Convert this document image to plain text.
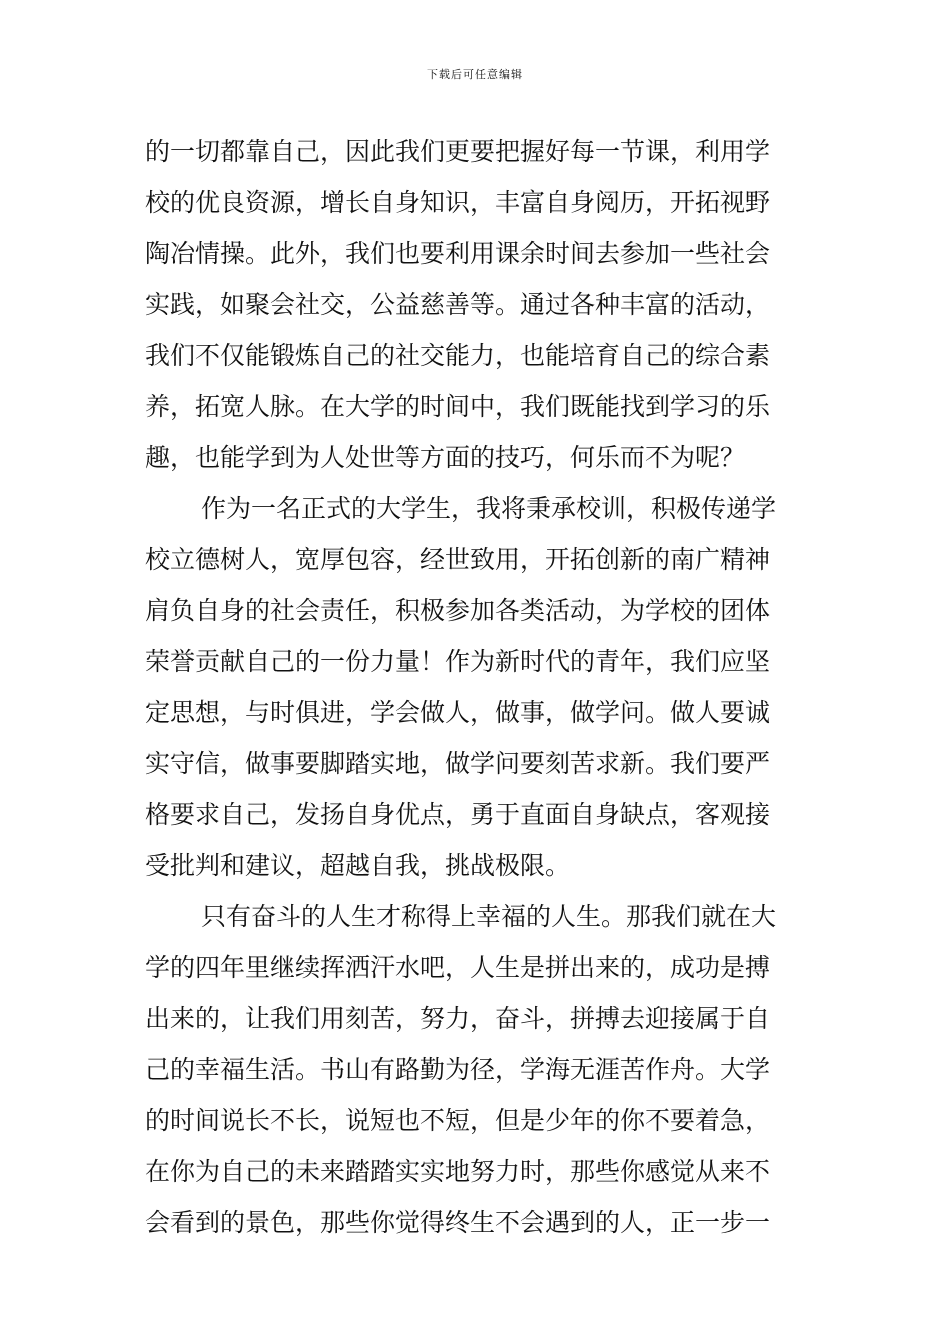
下载后可任意编辑
的一切都靠自己，因此我们更要把握好每一节课，利用学
校的优良资源，增长自身知识，丰富自身阅历，开拓视野
陶冶情操。此外，我们也要利用课余时间去参加一些社会
实践，如聚会社交，公益慈善等。通过各种丰富的活动，
我们不仅能锻炼自己的社交能力，也能培育自己的综合素
养，拓宽人脉。在大学的时间中，我们既能找到学习的乐
趣，也能学到为人处世等方面的技巧，何乐而不为呢？
作为一名正式的大学生，我将秉承校训，积极传递学
校立德树人，宽厚包容，经世致用，开拓创新的南广精神
肩负自身的社会责任，积极参加各类活动，为学校的团体
荣誉贡献自己的一份力量！作为新时代的青年，我们应坚
定思想，与时俱进，学会做人，做事，做学问。做人要诚
实守信，做事要脚踏实地，做学问要刻苦求新。我们要严
格要求自己，发扬自身优点，勇于直面自身缺点，客观接
受批判和建议，超越自我，挑战极限。
只有奋斗的人生才称得上幸福的人生。那我们就在大
学的四年里继续挥洒汗水吧，人生是拼出来的，成功是搏
出来的，让我们用刻苦，努力，奋斗，拼搏去迎接属于自
己的幸福生活。书山有路勤为径，学海无涯苦作舟。大学
的时间说长不长，说短也不短，但是少年的你不要着急，
在你为自己的未来踏踏实实地努力时，那些你感觉从来不
会看到的景色，那些你觉得终生不会遇到的人，正一步一
